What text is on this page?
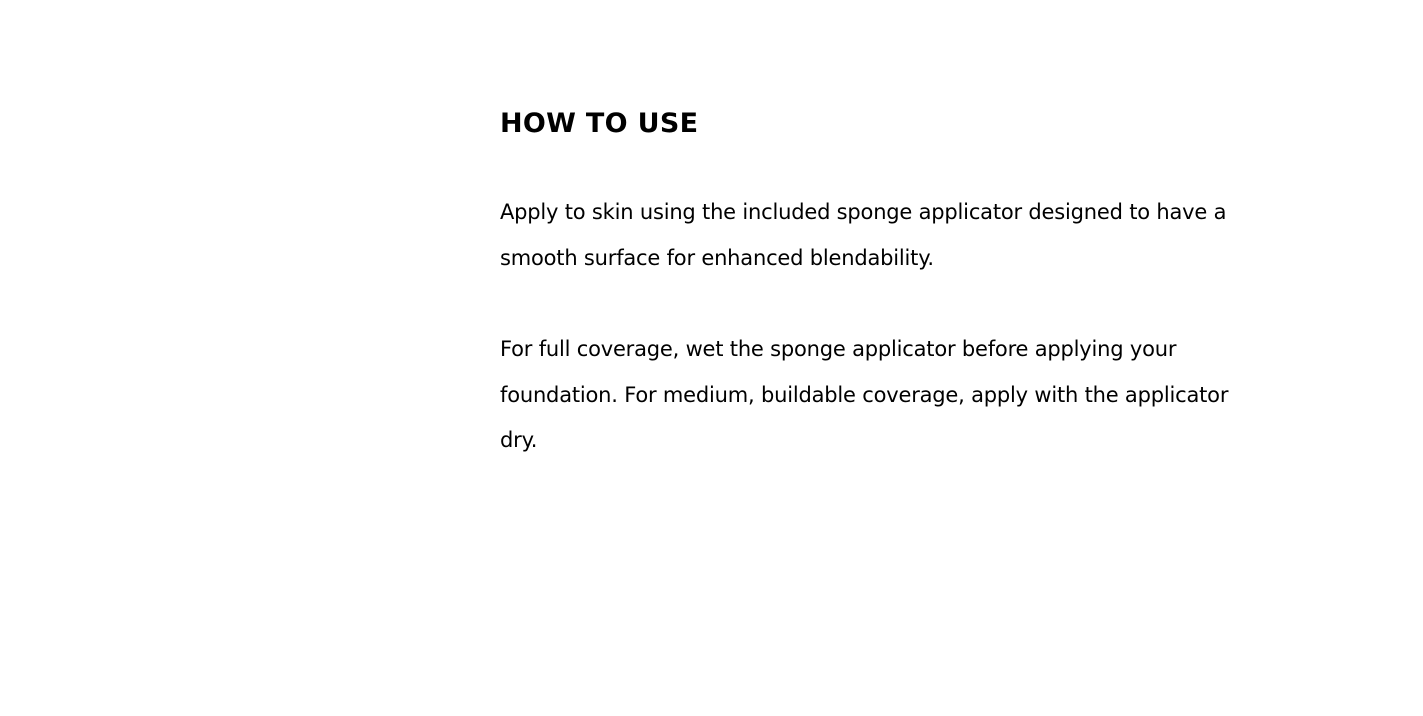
HOW TO USE

Apply to skin using the included sponge applicator designed to have a smooth surface for enhanced blendability.

For full coverage, wet the sponge applicator before applying your foundation. For medium, buildable coverage, apply with the applicator dry.
